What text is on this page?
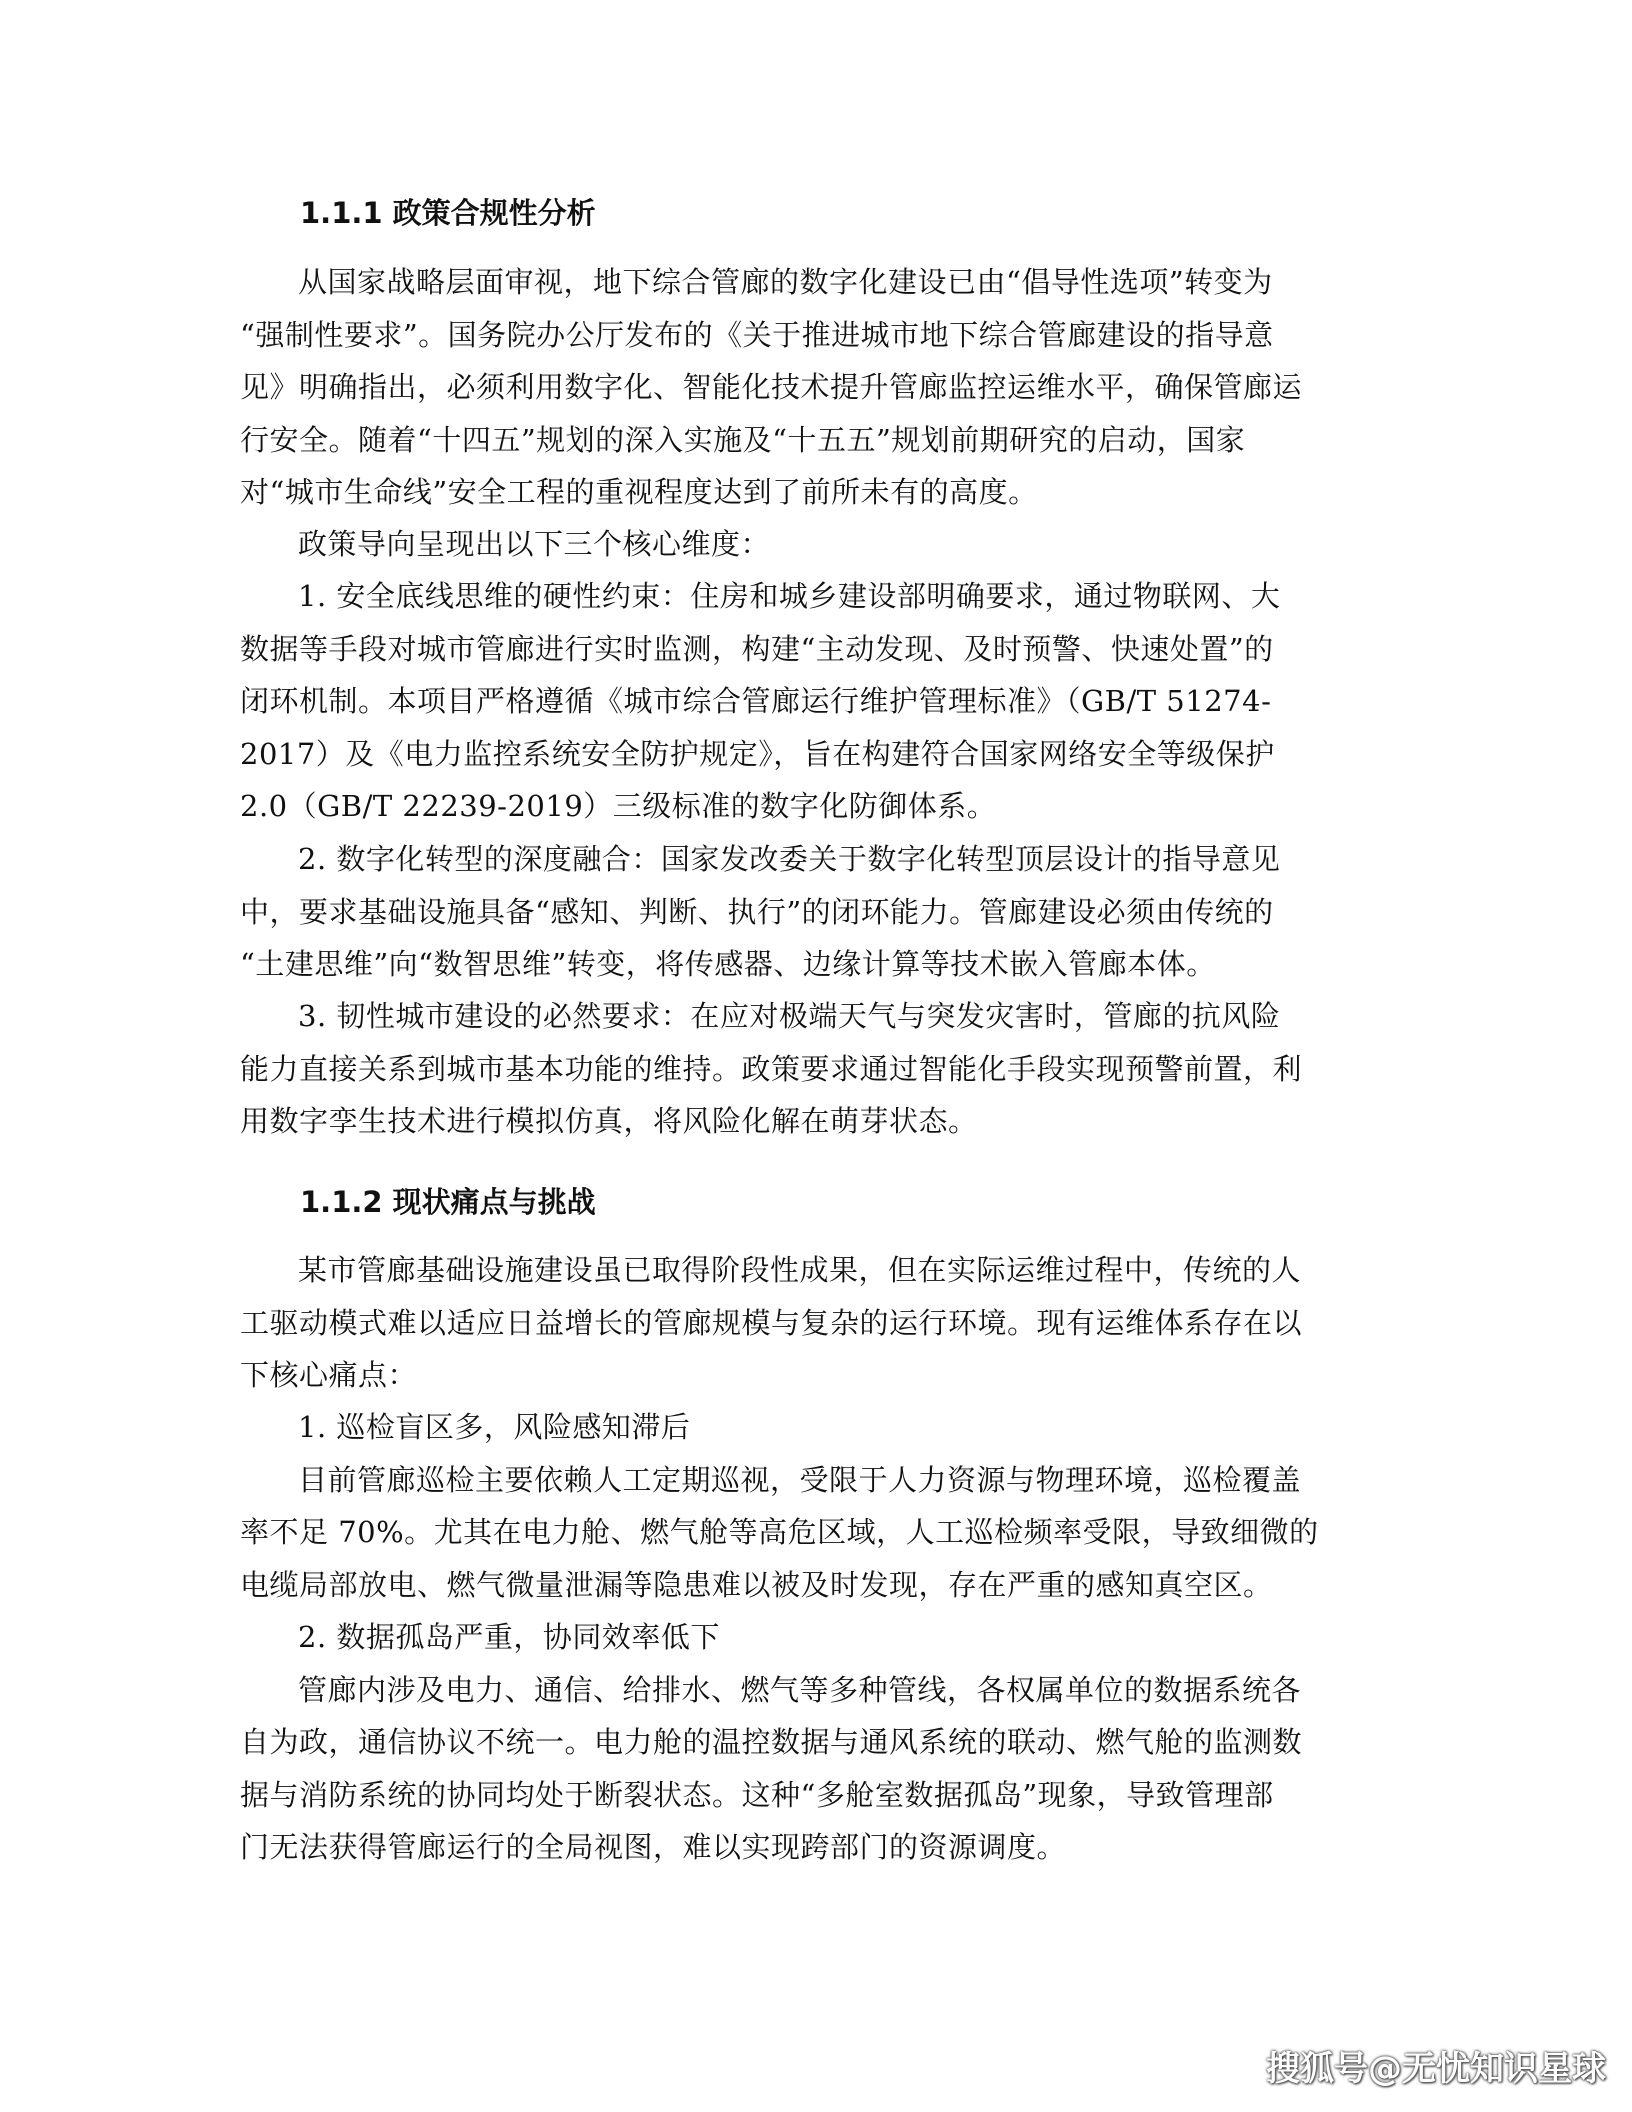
1.1.1 政策合规性分析
从国家战略层面审视，地下综合管廊的数字化建设已由“倡导性选项”转变为
“强制性要求”。国务院办公厅发布的《关于推进城市地下综合管廊建设的指导意
见》明确指出，必须利用数字化、智能化技术提升管廊监控运维水平，确保管廊运
行安全。随着“十四五”规划的深入实施及“十五五”规划前期研究的启动，国家
对“城市生命线”安全工程的重视程度达到了前所未有的高度。
政策导向呈现出以下三个核心维度：
1. 安全底线思维的硬性约束：住房和城乡建设部明确要求，通过物联网、大
数据等手段对城市管廊进行实时监测，构建“主动发现、及时预警、快速处置”的
闭环机制。本项目严格遵循《城市综合管廊运行维护管理标准》（GB/T 51274-
2017）及《电力监控系统安全防护规定》，旨在构建符合国家网络安全等级保护
2.0（GB/T 22239-2019）三级标准的数字化防御体系。
2. 数字化转型的深度融合：国家发改委关于数字化转型顶层设计的指导意见
中，要求基础设施具备“感知、判断、执行”的闭环能力。管廊建设必须由传统的
“土建思维”向“数智思维”转变，将传感器、边缘计算等技术嵌入管廊本体。
3. 韧性城市建设的必然要求：在应对极端天气与突发灾害时，管廊的抗风险
能力直接关系到城市基本功能的维持。政策要求通过智能化手段实现预警前置，利
用数字孪生技术进行模拟仿真，将风险化解在萌芽状态。
1.1.2 现状痛点与挑战
某市管廊基础设施建设虽已取得阶段性成果，但在实际运维过程中，传统的人
工驱动模式难以适应日益增长的管廊规模与复杂的运行环境。现有运维体系存在以
下核心痛点：
1. 巡检盲区多，风险感知滞后
目前管廊巡检主要依赖人工定期巡视，受限于人力资源与物理环境，巡检覆盖
率不足 70%。尤其在电力舱、燃气舱等高危区域，人工巡检频率受限，导致细微的
电缆局部放电、燃气微量泄漏等隐患难以被及时发现，存在严重的感知真空区。
2. 数据孤岛严重，协同效率低下
管廊内涉及电力、通信、给排水、燃气等多种管线，各权属单位的数据系统各
自为政，通信协议不统一。电力舱的温控数据与通风系统的联动、燃气舱的监测数
据与消防系统的协同均处于断裂状态。这种“多舱室数据孤岛”现象，导致管理部
门无法获得管廊运行的全局视图，难以实现跨部门的资源调度。
搜狐号@无忧知识星球
